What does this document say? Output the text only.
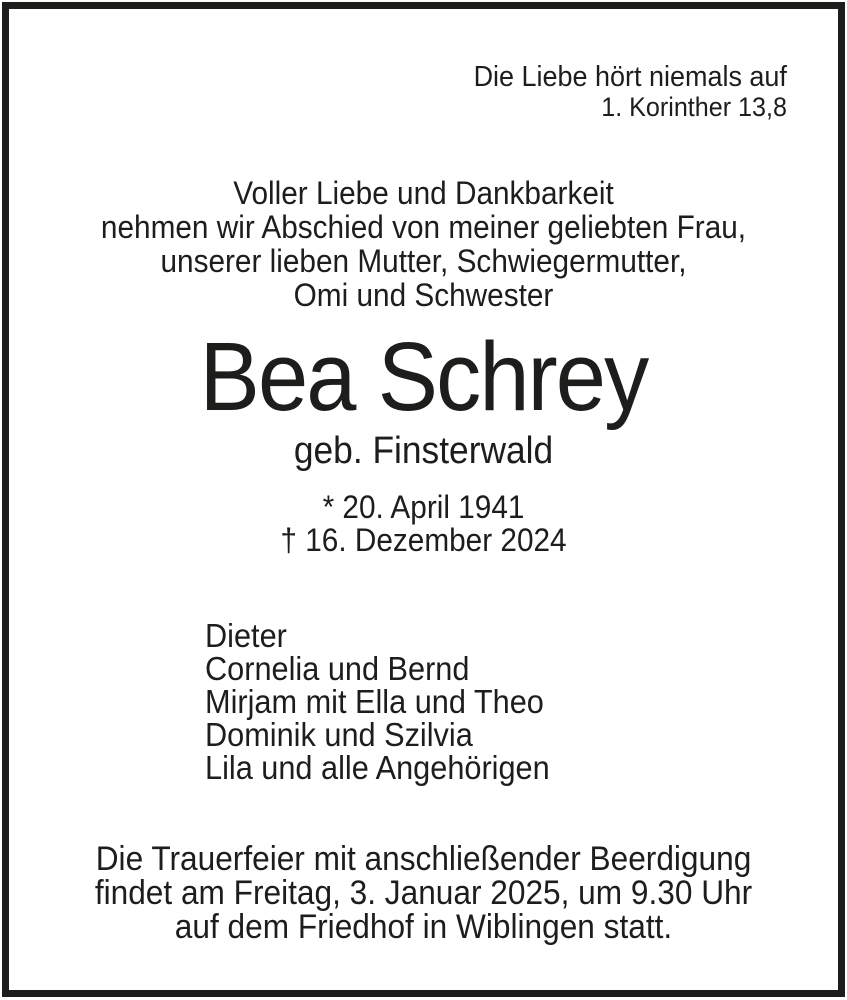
Die Liebe hört niemals auf
1. Korinther 13,8
Voller Liebe und Dankbarkeit
nehmen wir Abschied von meiner geliebten Frau,
unserer lieben Mutter, Schwiegermutter,
Omi und Schwester
Bea Schrey
geb. Finsterwald
* 20. April 1941
† 16. Dezember 2024
Dieter
Cornelia und Bernd
Mirjam mit Ella und Theo
Dominik und Szilvia
Lila und alle Angehörigen
Die Trauerfeier mit anschließender Beerdigung
findet am Freitag, 3. Januar 2025, um 9.30 Uhr
auf dem Friedhof in Wiblingen statt.
